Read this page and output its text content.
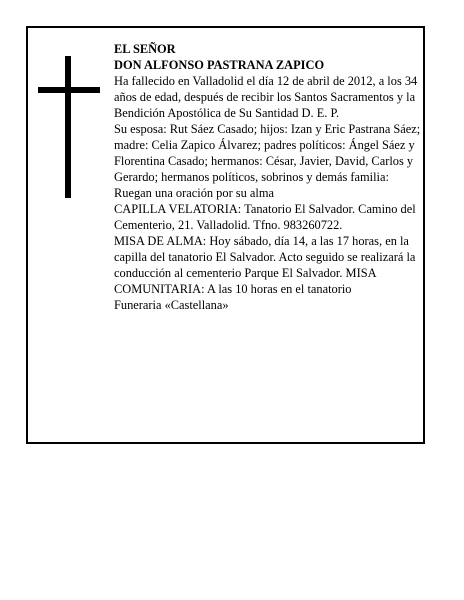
EL SEÑOR

DON ALFONSO PASTRANA ZAPICO

Ha fallecido en Valladolid el día 12 de abril de 2012, a los 34 años de edad, después de recibir los Santos Sacramentos y la Bendición Apostólica de Su Santidad D. E. P.

Su esposa: Rut Sáez Casado; hijos: Izan y Eric Pastrana Sáez; madre: Celia Zapico Álvarez; padres políticos: Ángel Sáez y Florentina Casado; hermanos: César, Javier, David, Carlos y Gerardo; hermanos políticos, sobrinos y demás familia:

Ruegan una oración por su alma

CAPILLA VELATORIA: Tanatorio El Salvador. Camino del Cementerio, 21. Valladolid. Tfno. 983260722.

MISA DE ALMA: Hoy sábado, día 14, a las 17 horas, en la capilla del tanatorio El Salvador. Acto seguido se realizará la conducción al cementerio Parque El Salvador. MISA COMUNITARIA: A las 10 horas en el tanatorio

Funeraria «Castellana»
